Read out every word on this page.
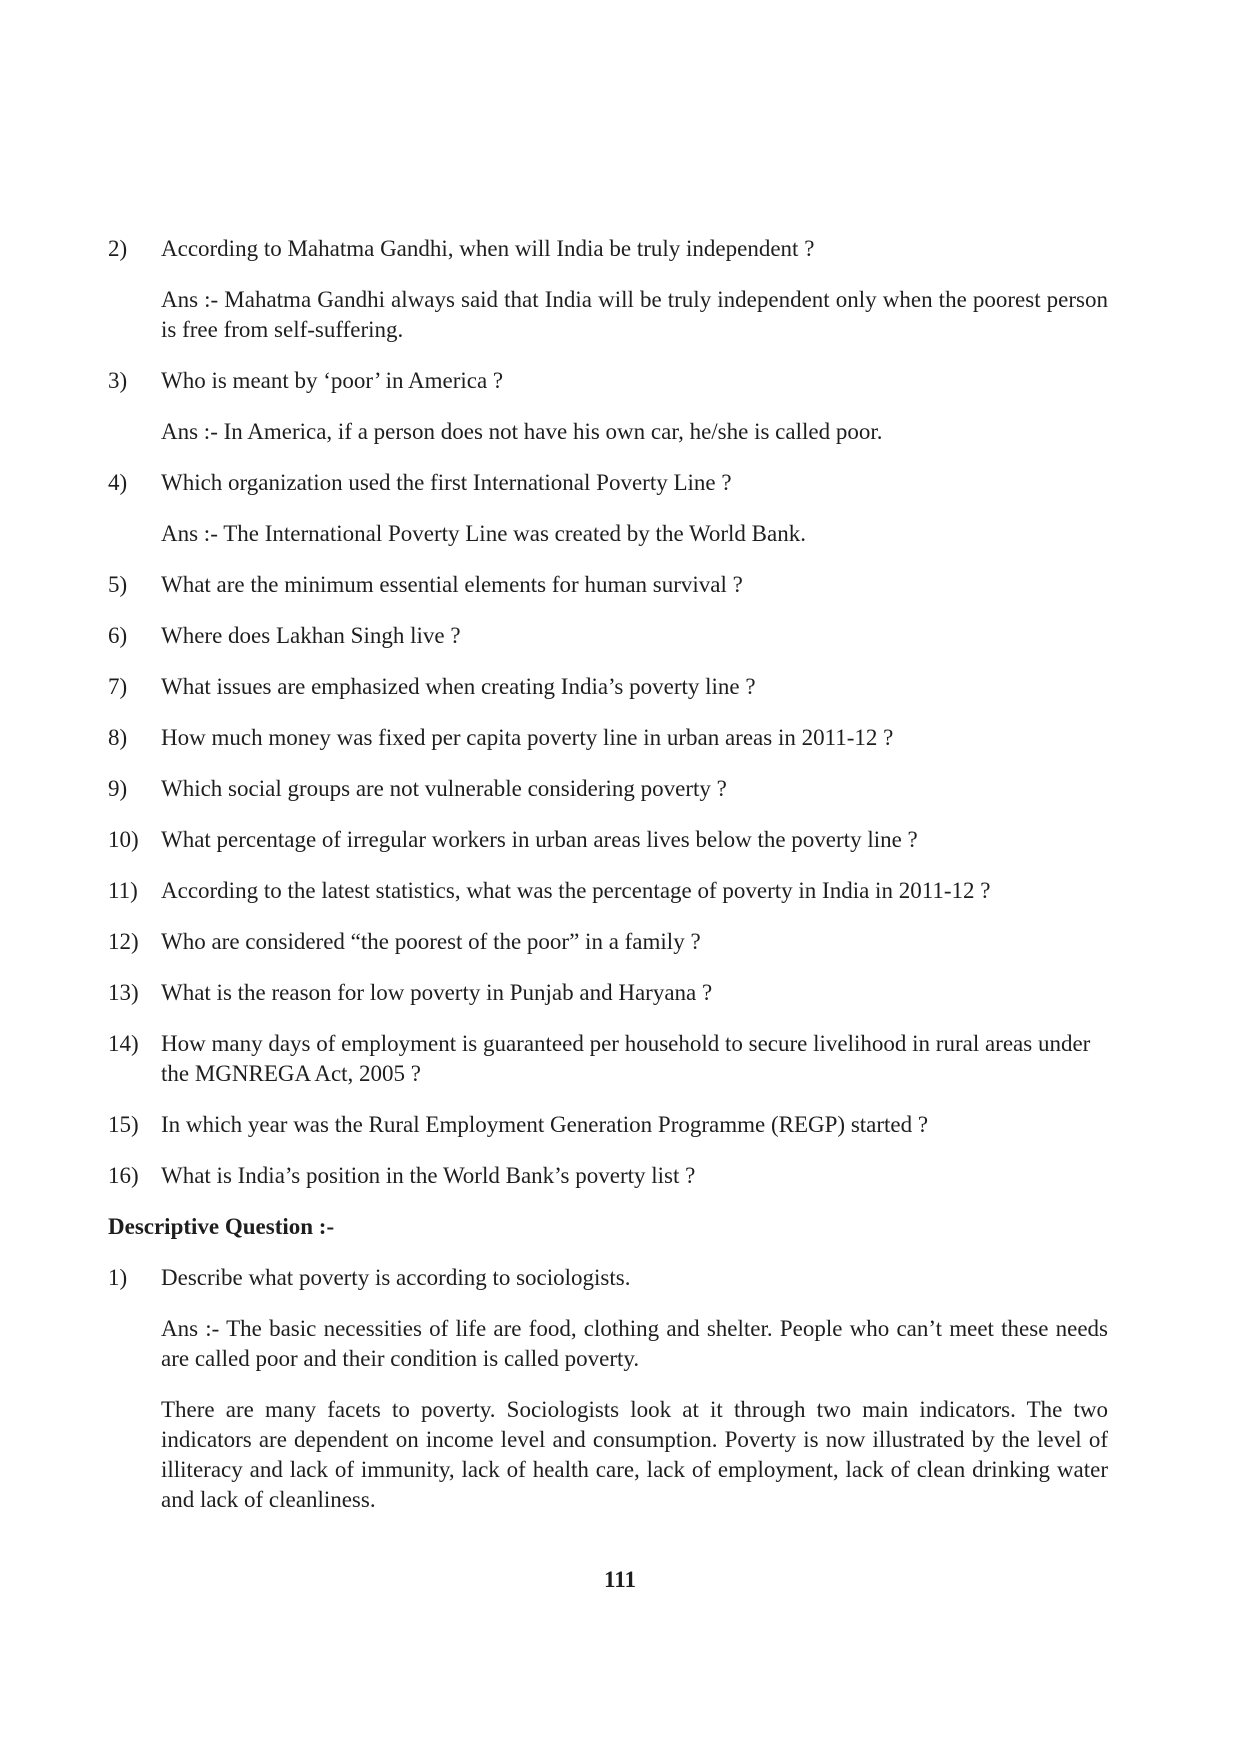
2) According to Mahatma Gandhi, when will India be truly independent ?

Ans :- Mahatma Gandhi always said that India will be truly independent only when the poorest person is free from self-suffering.

3) Who is meant by ‘poor’ in America ?

Ans :- In America, if a person does not have his own car, he/she is called poor.

4) Which organization used the first International Poverty Line ?

Ans :- The International Poverty Line was created by the World Bank.

5) What are the minimum essential elements for human survival ?

6) Where does Lakhan Singh live ?

7) What issues are emphasized when creating India’s poverty line ?

8) How much money was fixed per capita poverty line in urban areas in 2011-12 ?

9) Which social groups are not vulnerable considering poverty ?

10) What percentage of irregular workers in urban areas lives below the poverty line ?

11) According to the latest statistics, what was the percentage of poverty in India in 2011-12 ?

12) Who are considered “the poorest of the poor” in a family ?

13) What is the reason for low poverty in Punjab and Haryana ?

14) How many days of employment is guaranteed per household to secure livelihood in rural areas under the MGNREGA Act, 2005 ?

15) In which year was the Rural Employment Generation Programme (REGP) started ?

16) What is India’s position in the World Bank’s poverty list ?

Descriptive Question :-

1) Describe what poverty is according to sociologists.

Ans :- The basic necessities of life are food, clothing and shelter. People who can’t meet these needs are called poor and their condition is called poverty.

There are many facets to poverty. Sociologists look at it through two main indicators. The two indicators are dependent on income level and consumption. Poverty is now illustrated by the level of illiteracy and lack of immunity, lack of health care, lack of employment, lack of clean drinking water and lack of cleanliness.

111
